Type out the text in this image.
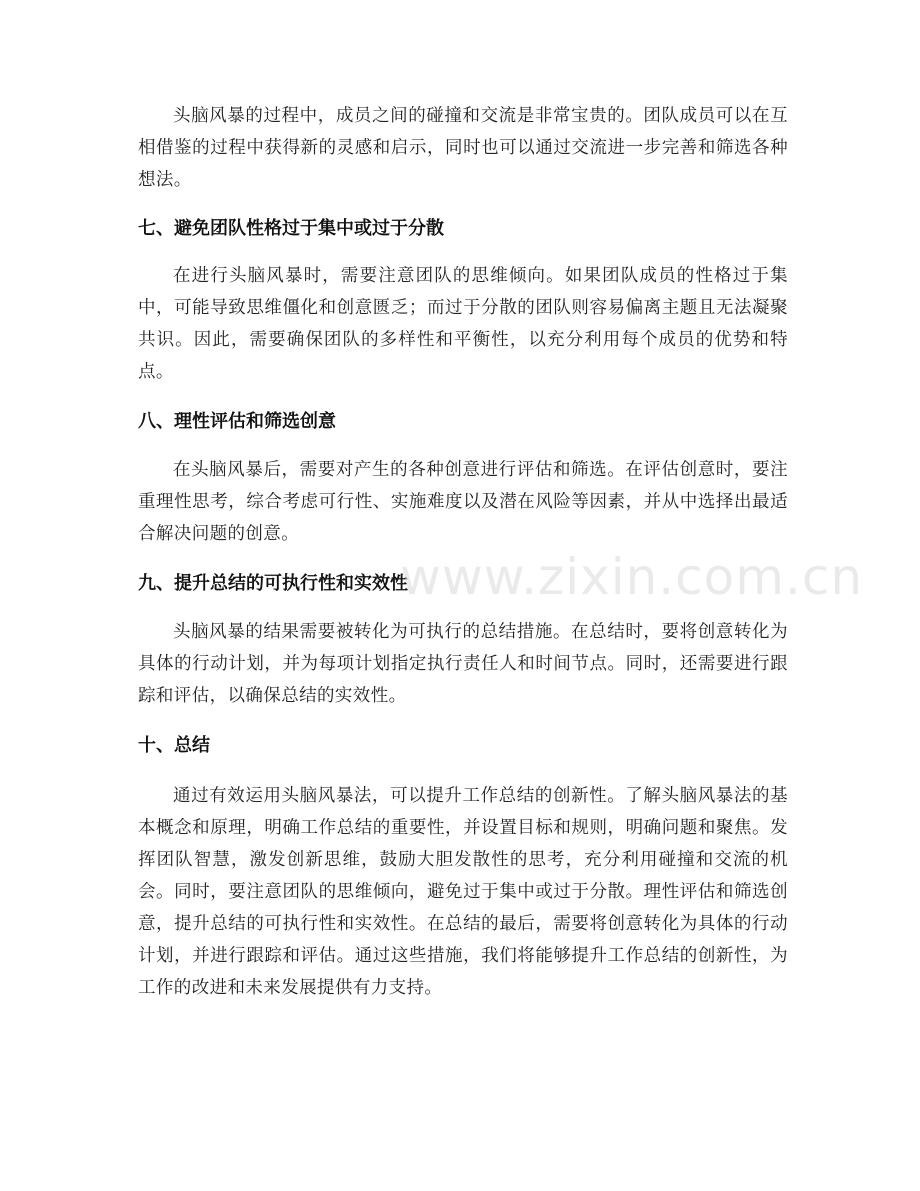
头脑风暴的过程中，成员之间的碰撞和交流是非常宝贵的。团队成员可以在互相借鉴的过程中获得新的灵感和启示，同时也可以通过交流进一步完善和筛选各种想法。

七、避免团队性格过于集中或过于分散

在进行头脑风暴时，需要注意团队的思维倾向。如果团队成员的性格过于集中，可能导致思维僵化和创意匮乏；而过于分散的团队则容易偏离主题且无法凝聚共识。因此，需要确保团队的多样性和平衡性，以充分利用每个成员的优势和特点。

八、理性评估和筛选创意

在头脑风暴后，需要对产生的各种创意进行评估和筛选。在评估创意时，要注重理性思考，综合考虑可行性、实施难度以及潜在风险等因素，并从中选择出最适合解决问题的创意。

九、提升总结的可执行性和实效性

头脑风暴的结果需要被转化为可执行的总结措施。在总结时，要将创意转化为具体的行动计划，并为每项计划指定执行责任人和时间节点。同时，还需要进行跟踪和评估，以确保总结的实效性。

十、总结

通过有效运用头脑风暴法，可以提升工作总结的创新性。了解头脑风暴法的基本概念和原理，明确工作总结的重要性，并设置目标和规则，明确问题和聚焦。发挥团队智慧，激发创新思维，鼓励大胆发散性的思考，充分利用碰撞和交流的机会。同时，要注意团队的思维倾向，避免过于集中或过于分散。理性评估和筛选创意，提升总结的可执行性和实效性。在总结的最后，需要将创意转化为具体的行动计划，并进行跟踪和评估。通过这些措施，我们将能够提升工作总结的创新性，为工作的改进和未来发展提供有力支持。

www.zixin.com.cn
